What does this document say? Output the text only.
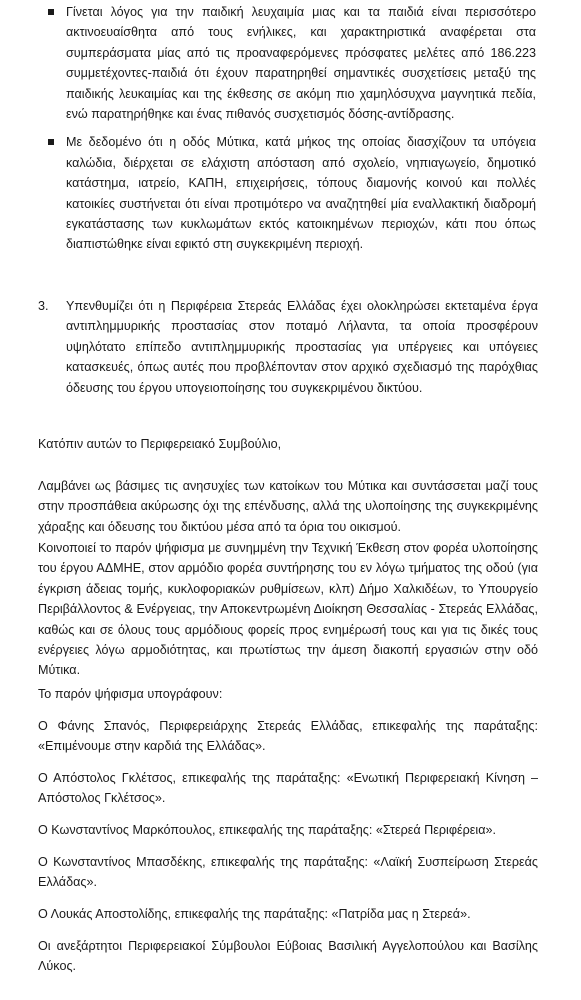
Γίνεται λόγος για την παιδική λευχαιμία μιας και τα παιδιά είναι περισσότερο ακτινοευαίσθητα από τους ενήλικες, και χαρακτηριστικά αναφέρεται στα συμπεράσματα μίας από τις προαναφερόμενες πρόσφατες μελέτες από 186.223 συμμετέχοντες-παιδιά ότι έχουν παρατηρηθεί σημαντικές συσχετίσεις μεταξύ της παιδικής λευκαιμίας και της έκθεσης σε ακόμη πιο χαμηλόσυχνα μαγνητικά πεδία, ενώ παρατηρήθηκε και ένας πιθανός συσχετισμός δόσης-αντίδρασης.
Με δεδομένο ότι η οδός Μύτικα, κατά μήκος της οποίας διασχίζουν τα υπόγεια καλώδια, διέρχεται σε ελάχιστη απόσταση από σχολείο, νηπιαγωγείο, δημοτικό κατάστημα, ιατρείο, ΚΑΠΗ, επιχειρήσεις, τόπους διαμονής κοινού και πολλές κατοικίες συστήνεται ότι είναι προτιμότερο να αναζητηθεί μία εναλλακτική διαδρομή εγκατάστασης των κυκλωμάτων εκτός κατοικημένων περιοχών, κάτι που όπως διαπιστώθηκε είναι εφικτό στη συγκεκριμένη περιοχή.
3.	Υπενθυμίζει ότι η Περιφέρεια Στερεάς Ελλάδας έχει ολοκληρώσει εκτεταμένα έργα αντιπλημμυρικής προστασίας στον ποταμό Λήλαντα, τα οποία προσφέρουν υψηλότατο επίπεδο αντιπλημμυρικής προστασίας για υπέργειες και υπόγειες κατασκευές, όπως αυτές που προβλέπονταν στον αρχικό σχεδιασμό της παρόχθιας όδευσης του έργου υπογειοποίησης του συγκεκριμένου δικτύου.

Κατόπιν αυτών το Περιφερειακό Συμβούλιο,

Λαμβάνει ως βάσιμες τις ανησυχίες των κατοίκων του Μύτικα και συντάσσεται μαζί τους στην προσπάθεια ακύρωσης όχι της επένδυσης, αλλά της υλοποίησης της συγκεκριμένης χάραξης και όδευσης του δικτύου μέσα από τα όρια του οικισμού.

Κοινοποιεί το παρόν ψήφισμα με συνημμένη την Τεχνική Έκθεση στον φορέα υλοποίησης του έργου ΑΔΜΗΕ, στον αρμόδιο φορέα συντήρησης του εν λόγω τμήματος της οδού (για έγκριση άδειας τομής, κυκλοφοριακών ρυθμίσεων, κλπ) Δήμο Χαλκιδέων, το Υπουργείο Περιβάλλοντος & Ενέργειας, την Αποκεντρωμένη Διοίκηση Θεσσαλίας - Στερεάς Ελλάδας, καθώς και σε όλους τους αρμόδιους φορείς προς ενημέρωσή τους και για τις δικές τους ενέργειες λόγω αρμοδιότητας, και πρωτίστως την άμεση διακοπή εργασιών στην οδό Μύτικα.

Το παρόν ψήφισμα υπογράφουν:

Ο Φάνης Σπανός, Περιφερειάρχης Στερεάς Ελλάδας, επικεφαλής της παράταξης: «Επιμένουμε στην καρδιά της Ελλάδας».

Ο Απόστολος Γκλέτσος, επικεφαλής της παράταξης: «Ενωτική Περιφερειακή Κίνηση – Απόστολος Γκλέτσος».

Ο Κωνσταντίνος Μαρκόπουλος, επικεφαλής της παράταξης: «Στερεά Περιφέρεια».

Ο Κωνσταντίνος Μπασδέκης, επικεφαλής της παράταξης: «Λαϊκή Συσπείρωση Στερεάς Ελλάδας».

Ο Λουκάς Αποστολίδης, επικεφαλής της παράταξης: «Πατρίδα μας η Στερεά».

Οι ανεξάρτητοι Περιφερειακοί Σύμβουλοι Εύβοιας Βασιλική Αγγελοπούλου και Βασίλης Λύκος.
